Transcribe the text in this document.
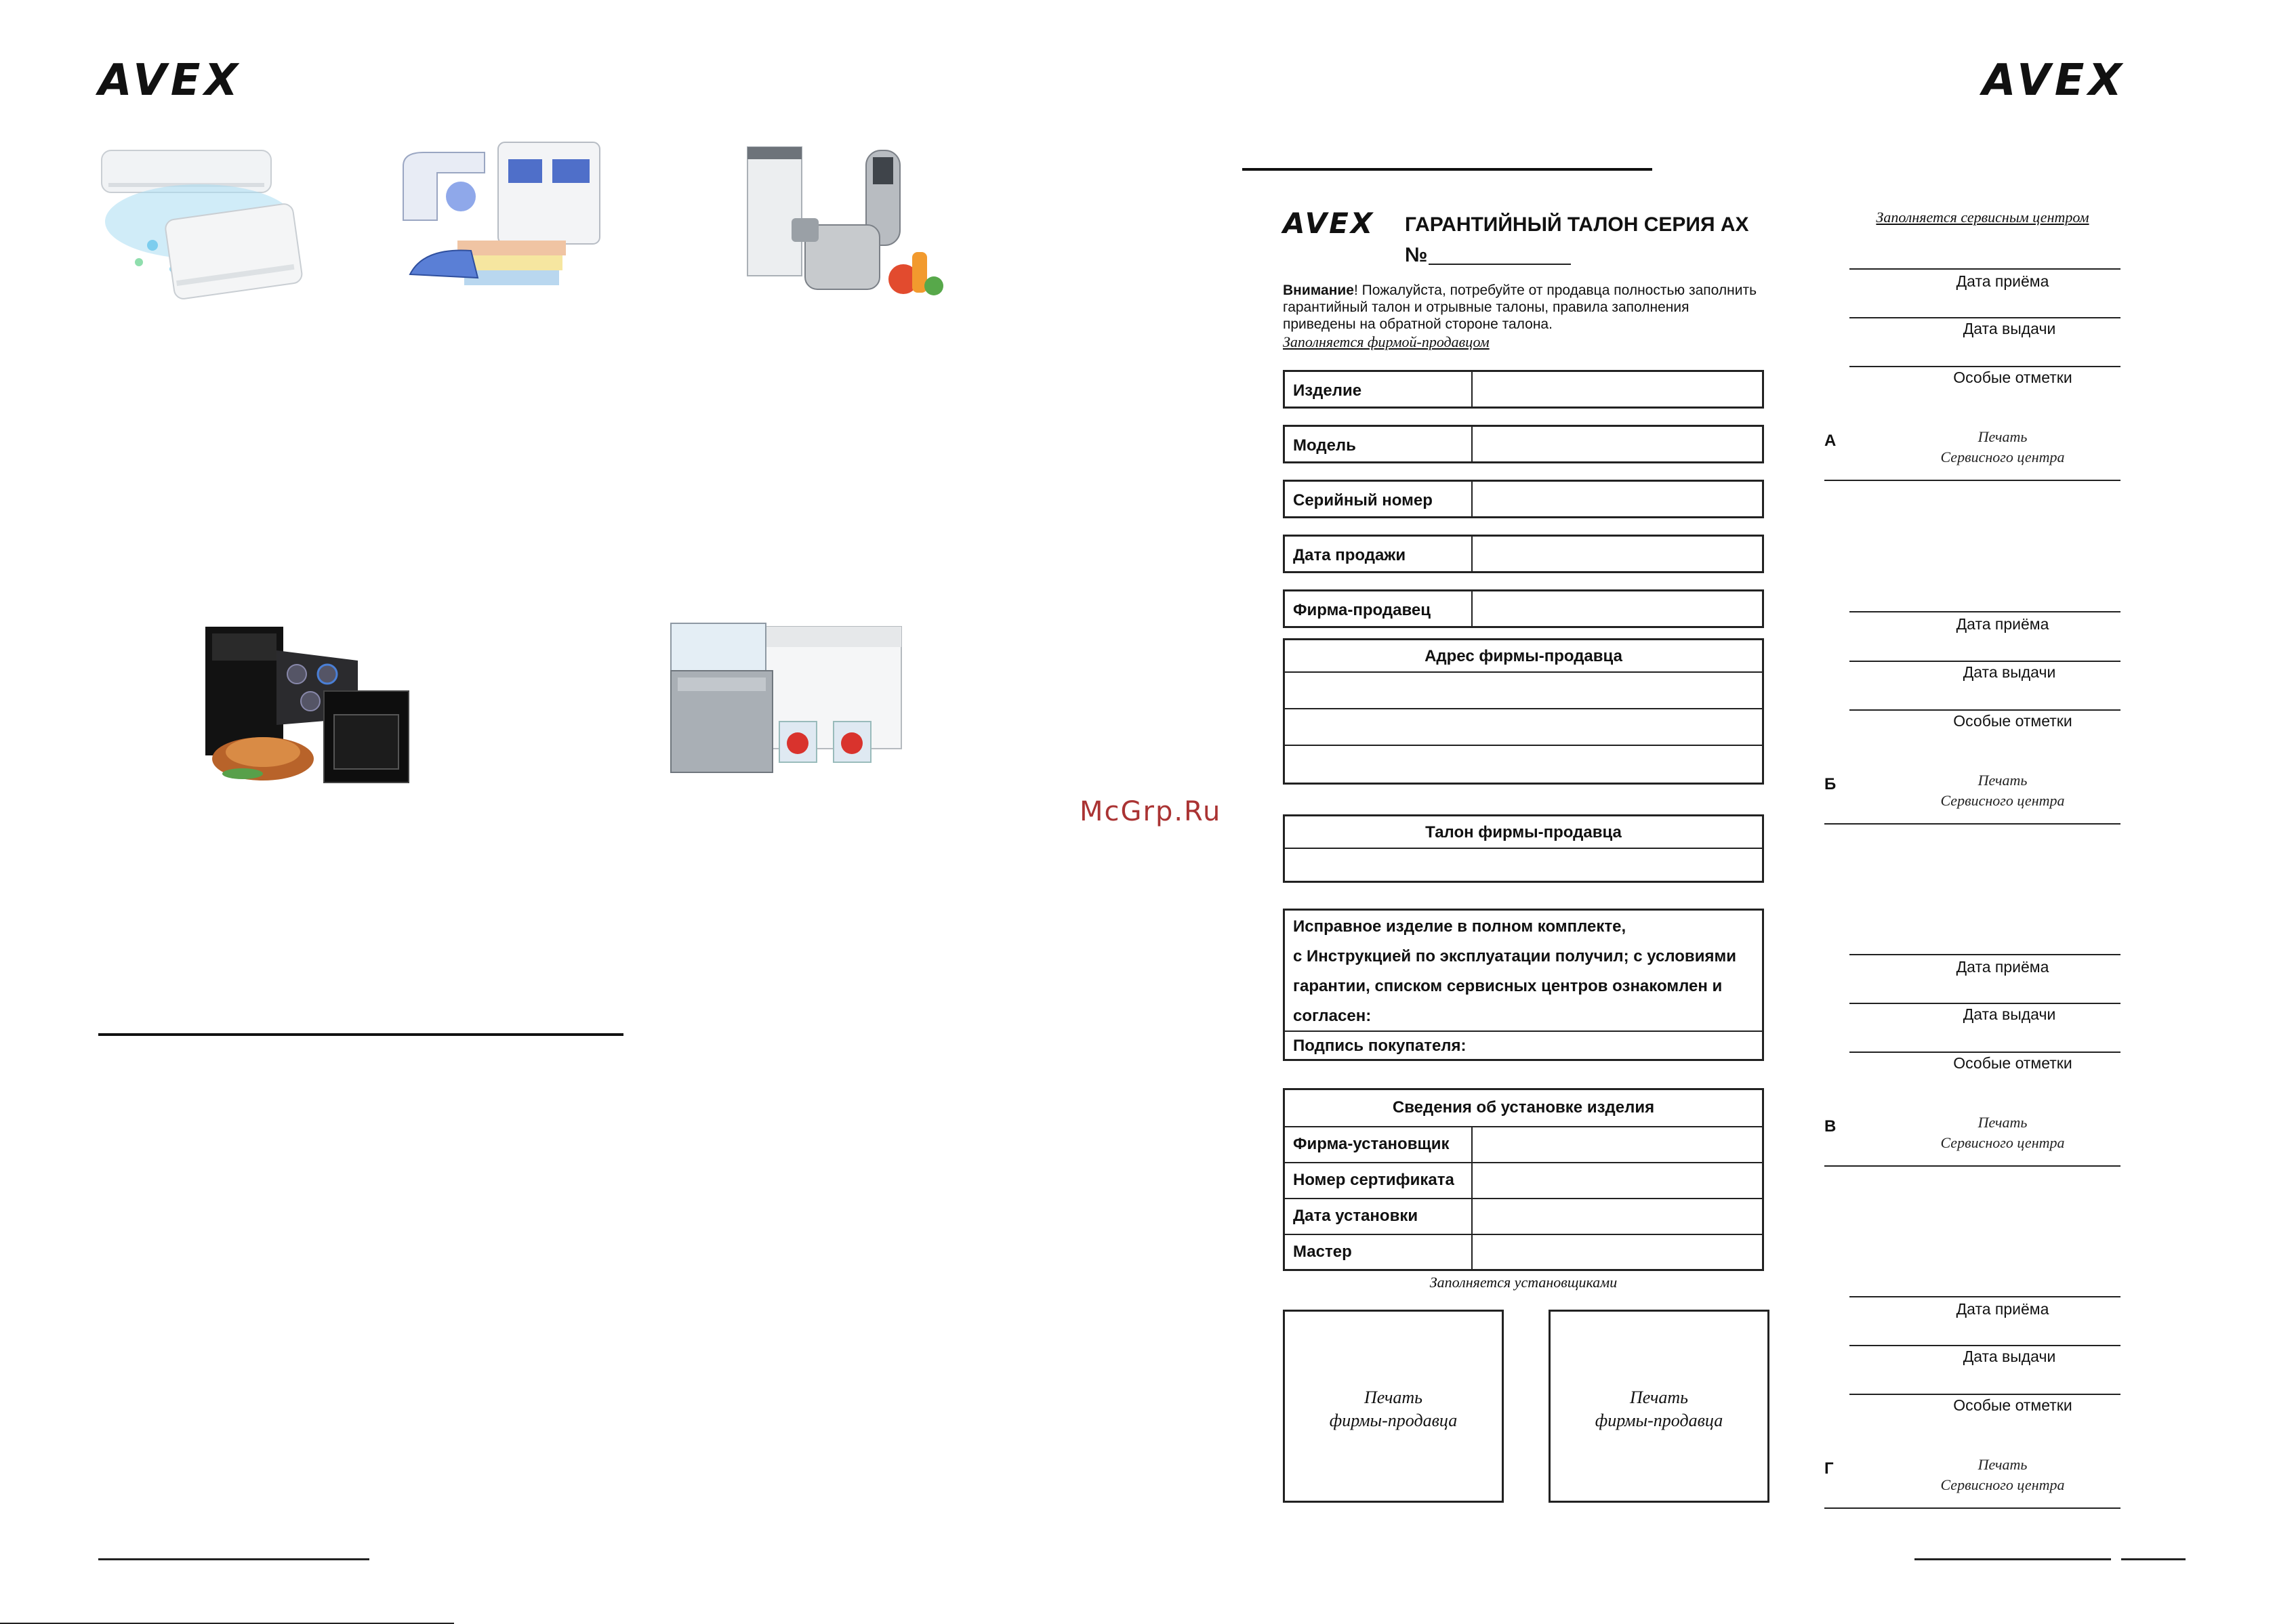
AVEX
McGrp.Ru
AVEX
AVEX ГАРАНТИЙНЫЙ ТАЛОН СЕРИЯ АХ
№
Внимание! Пожалуйста, потребуйте от продавца полностью заполнить
гарантийный талон и отрывные талоны, правила заполнения
приведены на обратной стороне талона.
Заполняется фирмой-продавцом
Изделие
Модель
Серийный номер
Дата продажи
Фирма-продавец
Адрес фирмы-продавца
Талон фирмы-продавца
Исправное изделие в полном комплекте,
с Инструкцией по эксплуатации получил; с условиями
гарантии, списком сервисных центров ознакомлен и
согласен:
Подпись покупателя:
Сведения об установке изделия
Фирма-установщик
Номер сертификата
Дата установки
Мастер
Заполняется установщиками
Печать
фирмы-продавца
Печать
фирмы-продавца
Заполняется сервисным центром
Дата приёма
Дата выдачи
Особые отметки
А	Печать
Сервисного центра
Дата приёма
Дата выдачи
Особые отметки
Б	Печать
Сервисного центра
Дата приёма
Дата выдачи
Особые отметки
В	Печать
Сервисного центра
Дата приёма
Дата выдачи
Особые отметки
Г	Печать
Сервисного центра
